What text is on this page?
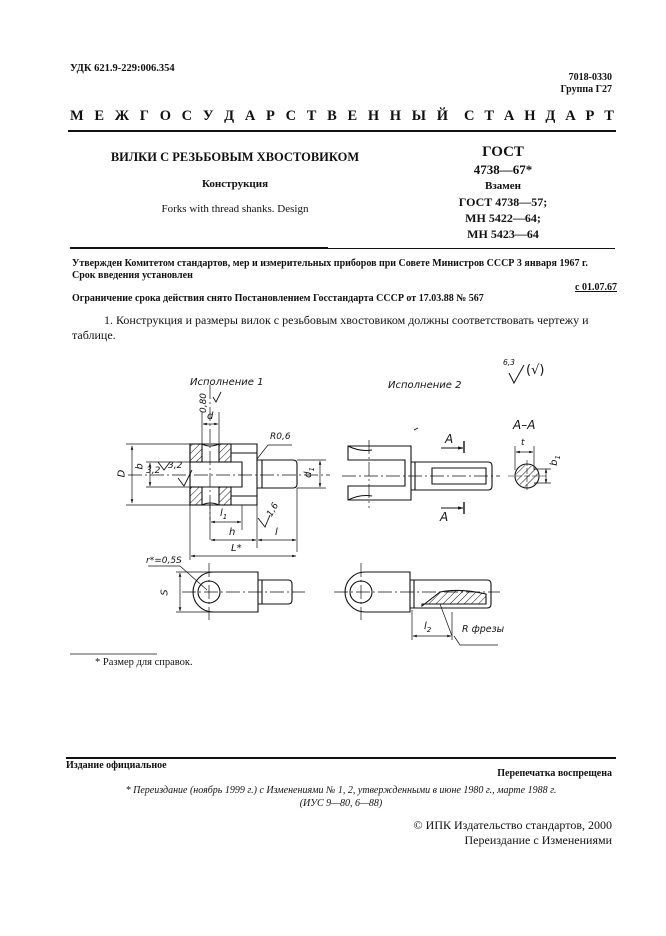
УДК 621.9-229:006.354
7018-0330
Группа Г27
М Е Ж Г О С У Д А Р С Т В Е Н Н Ы Й С Т А Н Д А Р Т
ВИЛКИ С РЕЗЬБОВЫМ ХВОСТОВИКОМ
Конструкция
Forks with thread shanks. Design
ГОСТ
4738—67*
Взамен
ГОСТ 4738—57;
МН 5422—64;
МН 5423—64
Утвержден Комитетом стандартов, мер и измерительных приборов при Совете Министров СССР 3 января 1967 г.
Срок введения установлен
с 01.07.67
Ограничение срока действия снято Постановлением Госстандарта СССР от 17.03.88 № 567
1. Конструкция и размеры вилок с резьбовым хвостовиком должны соответствовать чертежу и таблице.
Исполнение 1	Исполнение 2
6,3
(√)
А–А
А
А
0,80
d
R0,6
D
b 3,2 3,2
$d_1$
1,6
$l_1$
h	l
L*
r*=0,5S
S
t
$b_1$
$l_2$	R фрезы
* Размер для справок.
Издание официальное
Перепечатка воспрещена
* Переиздание (ноябрь 1999 г.) с Изменениями № 1, 2, утвержденными в июне 1980 г., марте 1988 г.
(ИУС 9—80, 6—88)
© ИПК Издательство стандартов, 2000
Переиздание с Изменениями
